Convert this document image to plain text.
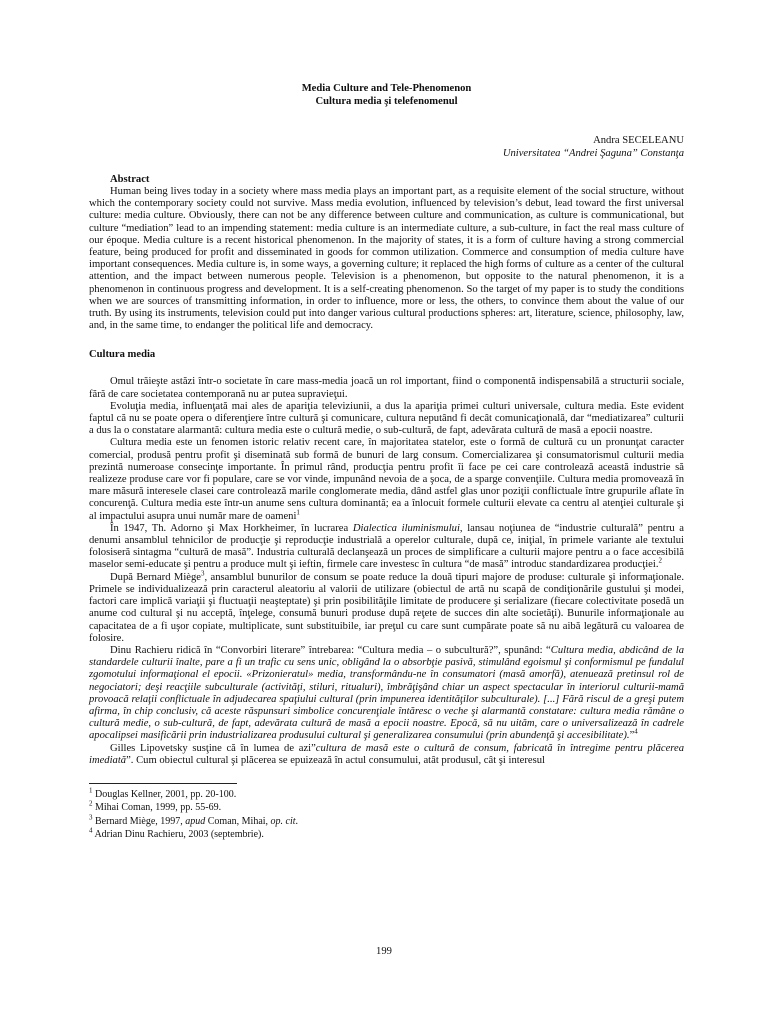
Media Culture and Tele-Phenomenon

Cultura media şi telefenomenul

Andra SECELEANU
Universitatea “Andrei Şaguna” Constanţa

Abstract

Human being lives today in a society where mass media plays an important part, as a requisite element of the social structure, without which the contemporary society could not survive. Mass media evolution, influenced by television’s debut, lead toward the first universal culture: media culture. Obviously, there can not be any difference between culture and communication, as culture is communicational, but culture “mediation” lead to an impending statement: media culture is an intermediate culture, a sub-culture, in fact the real mass culture of our époque. Media culture is a recent historical phenomenon. In the majority of states, it is a form of culture having a strong commercial feature, being produced for profit and disseminated in goods for common utilization. Commerce and consumption of media culture have important consequences. Media culture is, in some ways, a governing culture; it replaced the high forms of culture as a center of the cultural attention, and the impact between numerous people. Television is a phenomenon, but opposite to the natural phenomenon, it is a phenomenon in continuous progress and development. It is a self-creating phenomenon. So the target of my paper is to study the conditions when we are sources of transmitting information, in order to influence, more or less, the others, to convince them about the value of our truth. By using its instruments, television could put into danger various cultural productions spheres: art, literature, science, philosophy, law, and, in the same time, to endanger the political life and democracy.

Cultura media

Omul trăieşte astăzi într-o societate în care mass-media joacă un rol important, fiind o componentă indispensabilă a structurii sociale, fără de care societatea contemporană nu ar putea supravieţui.

Evoluţia media, influenţată mai ales de apariţia televiziunii, a dus la apariţia primei culturi universale, cultura media. Este evident faptul că nu se poate opera o diferenţiere între cultură şi comunicare, cultura neputând fi decât comunicaţională, dar “mediatizarea” culturii a dus la o constatare alarmantă: cultura media este o cultură medie, o sub-cultură, de fapt, adevărata cultură de masă a epocii noastre.

Cultura media este un fenomen istoric relativ recent care, în majoritatea statelor, este o formă de cultură cu un pronunţat caracter comercial, produsă pentru profit şi diseminată sub formă de bunuri de larg consum. Comercializarea şi consumatorismul culturii media prezintă numeroase consecinţe importante. În primul rând, producţia pentru profit îi face pe cei care controlează această industrie să realizeze produse care vor fi populare, care se vor vinde, impunând nevoia de a şoca, de a sparge convenţiile. Cultura media promovează în mare măsură interesele clasei care controlează marile conglomerate media, dând astfel glas unor poziţii conflictuale între grupurile aflate în concurenţă. Cultura media este într-un anume sens cultura dominantă; ea a înlocuit formele culturii elevate ca centru al atenţiei culturale şi al impactului asupra unui număr mare de oameni$^1$

În 1947, Th. Adorno şi Max Horkheimer, în lucrarea Dialectica iluminismului, lansau noţiunea de “industrie culturală” pentru a denumi ansamblul tehnicilor de producţie şi reproducţie industrială a operelor culturale, după ce, iniţial, în primele variante ale textului folosiseră sintagma “cultură de masă”. Industria culturală declanşează un proces de simplificare a culturii majore pentru a o face accesibilă maselor semi-educate şi pentru a produce mult şi ieftin, firmele care investesc în cultura “de masă” introduc standardizarea producţiei.$^2$

După Bernard Miège$^3$, ansamblul bunurilor de consum se poate reduce la două tipuri majore de produse: culturale şi informaţionale. Primele se individualizează prin caracterul aleatoriu al valorii de utilizare (obiectul de artă nu scapă de condiţionările gustului şi modei, factori care implică variaţii şi fluctuaţii neaşteptate) şi prin posibilităţile limitate de producere şi serializare (fiecare colectivitate posedă un anume cod cultural şi nu acceptă, înţelege, consumă bunuri produse după reţete de succes din alte societăţi). Bunurile informaţionale au capacitatea de a fi uşor copiate, multiplicate, sunt substituibile, iar preţul cu care sunt cumpărate poate să nu aibă legătură cu valoarea de folosire.

Dinu Rachieru ridică în “Convorbiri literare” întrebarea: “Cultura media – o subcultură?”, spunând: “Cultura media, abdicând de la standardele culturii înalte, pare a fi un trafic cu sens unic, obligând la o absorbţie pasivă, stimulând egoismul şi conformismul pe fundalul zgomotului informaţional el epocii. «Prizonieratul» media, transformându-ne în consumatori (masă amorfă), atenuează pretinsul rol de negociatori; deşi reacţiile subculturale (activităţi, stiluri, ritualuri), îmbrăţişând chiar un aspect spectacular în interiorul culturii-mamă provoacă relaţii conflictuale în adjudecarea spaţiului cultural (prin impunerea identităţilor subculturale). [...] Fără riscul de a greşi putem afirma, în chip conclusiv, că aceste răspunsuri simbolice concurenţiale întăresc o veche şi alarmantă constatare: cultura media rămâne o cultură medie, o sub-cultură, de fapt, adevărata cultură de masă a epocii noastre. Epocă, să nu uităm, care o universalizează în cadrele apocalipsei masificării prin industrializarea produsului cultural şi generalizarea consumului (prin abundenţă şi accesibilitate).”$^4$

Gilles Lipovetsky susţine că în lumea de azi”cultura de masă este o cultură de consum, fabricată în întregime pentru plăcerea imediată”. Cum obiectul cultural şi plăcerea se epuizează în actul consumului, atât produsul, cât şi interesul

$^1$ Douglas Kellner, 2001, pp. 20-100.

$^2$ Mihai Coman, 1999, pp. 55-69.

$^3$ Bernard Miège, 1997, apud Coman, Mihai, op. cit.

$^4$ Adrian Dinu Rachieru, 2003 (septembrie).

199
